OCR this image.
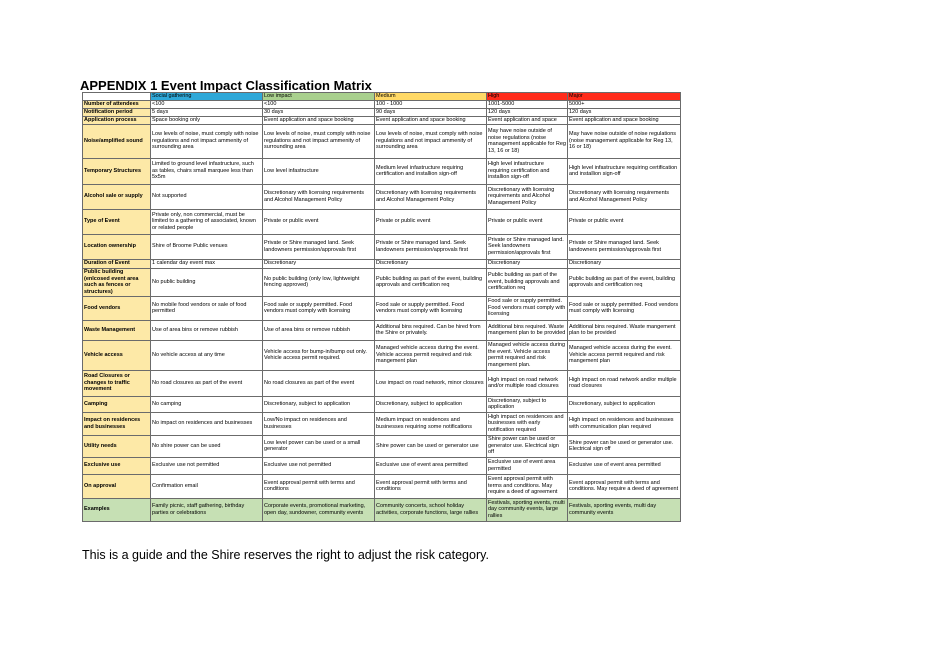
APPENDIX 1 Event Impact Classification Matrix
	Social gathering	Low impact	Medium	High	Major
Number of attendees	<100	<100	100 - 1000	1001-5000	5000+
Notification period	5 days	30 days	90 days	120 days	120 days
Application process	Space booking only	Event application and space booking	Event application and space booking	Event application and space	Event application and space booking
Noise/amplified sound	Low levels of noise, must comply with noise regulations and not impact ammenity of surrounding area	Low levels of noise, must comply with noise regulations and not impact ammenity of surrounding area	Low levels of noise, must comply with noise regulations and not impact ammenity of surrounding area	May have noise outside of noise regulations (noise management applicable for Reg 13, 16 or 18)	May have noise outside of noise regulations (noise management applicable for Reg 13, 16 or 18)
Temporary Structures	Limited to ground level infastructure, such as tables, chairs small marquee less than 5x5m	Low level infastructure	Medium level infastructure requiring certification and installion sign-off	High level infastructure requiring certification and installion sign-off	High level infastructure requiring certification and installion sign-off
Alcohol sale or supply	Not supported	Discretionary with licensing requirements and Alcohol Management Policy	Discretionary with licensing requirements and Alcohol Management Policy	Discretionary with licensing requirements and Alcohol Management Policy	Discretionary with licensing requirements and Alcohol Management Policy
Type of Event	Private only, non commercial, must be limited to a gathering of associated, known or related people	Private or public event	Private or public event	Private or public event	Private or public event
Location ownership	Shire of Broome Public venues	Private or Shire managed land. Seek landowners permission/approvals first	Private or Shire managed land. Seek landowners permission/approvals first	Private or Shire managed land. Seek landowners permission/approvals first	Private or Shire managed land. Seek landowners permission/approvals first
Duration of Event	1 calendar day event max	Discretionary	Discretionary	Discretionary	Discretionary
Public building (enlcosed event area such as fences or structures)	No public building	No public building (only low, lightweight fencing approved)	Public building as part of the event, building approvals and certification req	Public building as part of the event, building approvals and certification req	Public building as part of the event, building approvals and certification req
Food vendors	No mobile food vendors or sale of food permitted	Food sale or supply permitted. Food vendors must comply with licensing	Food sale or supply permitted. Food vendors must comply with licensing	Food sale or supply permitted. Food vendors must comply with licensing	Food sale or supply permitted. Food vendors must comply with licensing
Waste Management	Use of area bins or remove rubbish	Use of area bins or remove rubbish	Additional bins required. Can be hired from the Shire or privately.	Additional bins required. Waste mangement plan to be provided	Additional bins required. Waste mangement plan to be provided
Vehicle access	No vehicle access at any time	Vehicle access for bump-in/bump out only. Vehicle access permit required.	Managed vehicle access during the event. Vehicle access permit required and risk mangement plan	Managed vehicle access during the event. Vehicle access permit required and risk mangement plan.	Managed vehicle access during the event. Vehicle access permit required and risk mangement plan
Road Closures or changes to traffic movement	No road closures as part of the event	No road closures as part of the event	Low impact on road network, minor closures	High impact on road network and/or multiple road closures	High impact on road network and/or multiple road closures
Camping	No camping	Discretionary, subject to application	Discretionary, subject to application	Discretionary, subject to application	Discretionary, subject to application
Impact on residences and businesses	No impact on residences and businesses	Low/No impact on residences and businesses	Medium impact on residences and businesses requiring some notifications	High impact on residences and businesses with early notification required	High impact on residences and businesses with communication plan required
Utility needs	No shire power can be used	Low level power can be used or a small generator	Shire power can be used or generator use	Shire power can be used or generator use. Electrical sign off	Shire power can be used or generator use. Electrical sign off
Exclusive use	Exclusive use not permitted	Exclusive use not permitted	Exclusive use of event area permitted	Exclusive use of event area permitted	Exclusive use of event area permitted
On approval	Confirmation email	Event approval permit with terms and conditions	Event approval permit with terms and conditions	Event approval permit with terms and conditions. May require a deed of agreement	Event approval permit with terms and conditions. May require a deed of agreement
Examples	Family picnic, staff gathering, birthday parties or celebrations	Corporate events, promotional marketing, open day, sundowner, community events	Community concerts, school holiday activities, corporate functions, large rallies	Festivals, sporting events, multi day community events, large rallies	Festivals, sporting events, multi day community events
This is a guide and the Shire reserves the right to adjust the risk category.
